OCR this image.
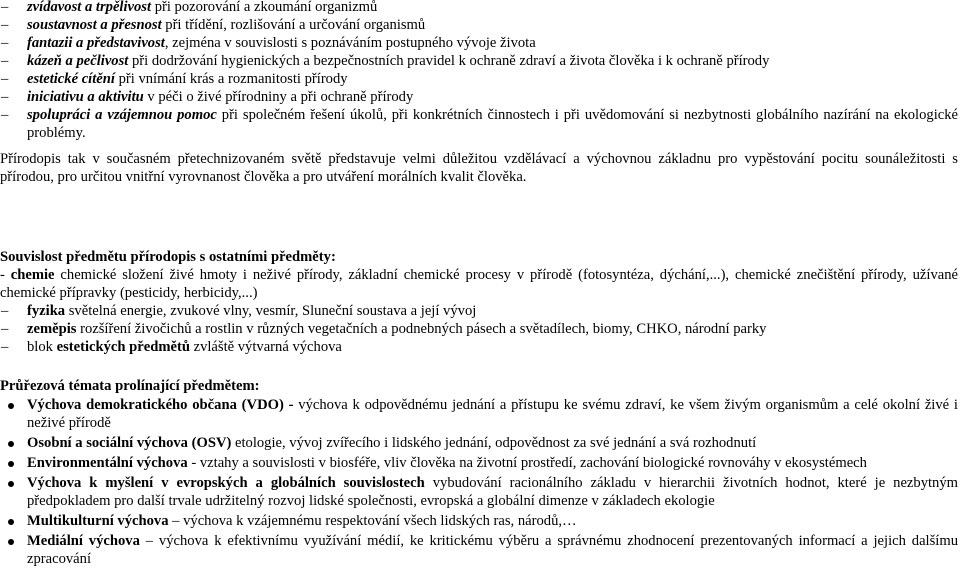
– zvídavost a trpělivost při pozorování a zkoumání organizmů
– soustavnost a přesnost při třídění, rozlišování a určování organismů
– fantazii a představivost, zejména v souvislosti s poznáváním postupného vývoje života
– kázeň a pečlivost při dodržování hygienických a bezpečnostních pravidel k ochraně zdraví a života člověka i k ochraně přírody
– estetické cítění při vnímání krás a rozmanitosti přírody
– iniciativu a aktivitu v péči o živé přírodniny a při ochraně přírody
– spolupráci a vzájemnou pomoc při společném řešení úkolů, při konkrétních činnostech i při uvědomování si nezbytnosti globálního nazírání na ekologické problémy.
Přírodopis tak v současném přetechnizovaném světě představuje velmi důležitou vzdělávací a výchovnou základnu pro vypěstování pocitu sounáležitosti s přírodou, pro určitou vnitřní vyrovnanost člověka a pro utváření morálních kvalit člověka.
Souvislost předmětu přírodopis s ostatními předměty:
- chemie chemické složení živé hmoty i neživé přírody, základní chemické procesy v přírodě (fotosyntéza, dýchání,...), chemické znečištění přírody, užívané chemické přípravky (pesticidy, herbicidy,...)
– fyzika světelná energie, zvukové vlny, vesmír, Sluneční soustava a její vývoj
– zeměpis rozšíření živočichů a rostlin v různých vegetačních a podnebných pásech a světadílech, biomy, CHKO, národní parky
– blok estetických předmětů zvláště výtvarná výchova
Průřezová témata prolínající předmětem:
Výchova demokratického občana (VDO) - výchova k odpovědnému jednání a přístupu ke svému zdraví, ke všem živým organismům a celé okolní živé i neživé přírodě
Osobní a sociální výchova (OSV) etologie, vývoj zvířecího i lidského jednání, odpovědnost za své jednání a svá rozhodnutí
Environmentální výchova - vztahy a souvislosti v biosféře, vliv člověka na životní prostředí, zachování biologické rovnováhy v ekosystémech
Výchova k myšlení v evropských a globálních souvislostech vybudování racionálního základu v hierarchii životních hodnot, které je nezbytným předpokladem pro další trvale udržitelný rozvoj lidské společnosti, evropská a globální dimenze v základech ekologie
Multikulturní výchova – výchova k vzájemnému respektování všech lidských ras, národů,…
Mediální výchova – výchova k efektivnímu využívání médií, ke kritickému výběru a správnému zhodnocení prezentovaných informací a jejich dalšímu zpracování
